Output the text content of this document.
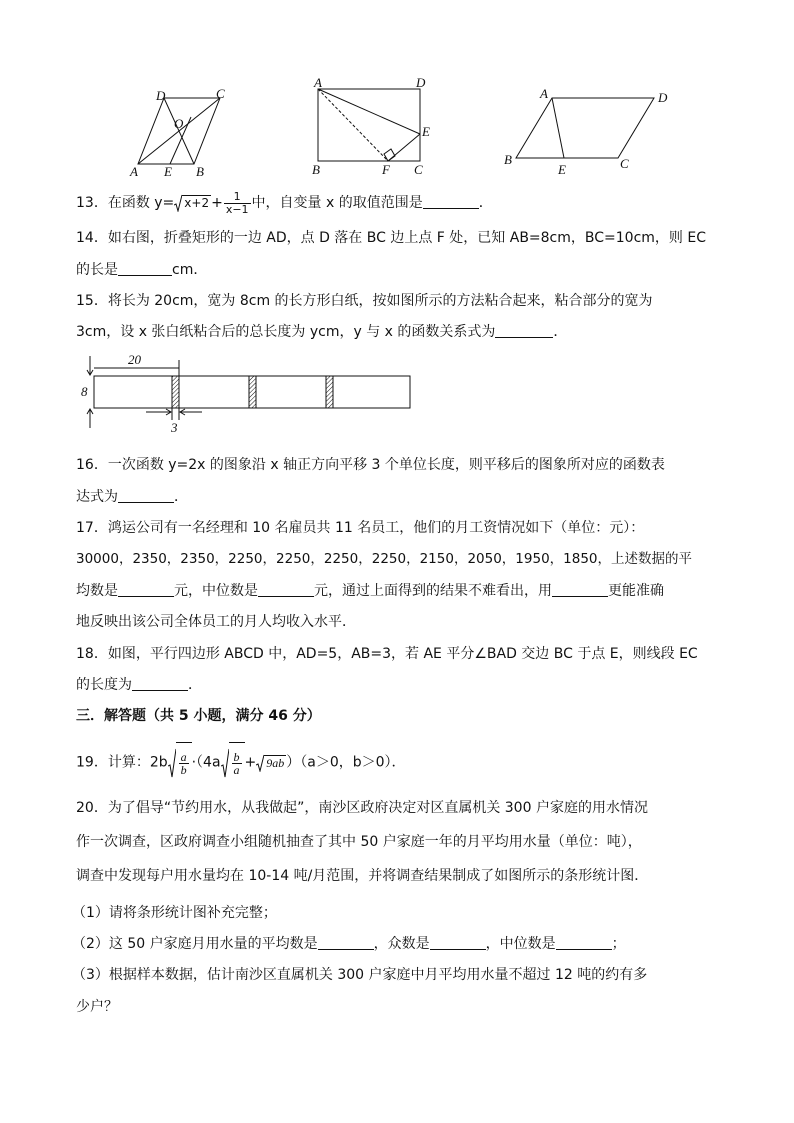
A E B
C
D
O
A	D
E
B	F C
A	D
B
E	C
13．在函数 $y= x+2 + \frac{1}{x-1}$ 中，自变量 x 的取值范围是	．
14．如右图，折叠矩形的一边 AD，点 D 落在 BC 边上点 F 处，已知 AB=8cm，BC=10cm，则 EC
的长是	cm．
15．将长为 20cm，宽为 8cm 的长方形白纸，按如图所示的方法粘合起来，粘合部分的宽为
3cm，设 x 张白纸粘合后的总长度为 ycm，y 与 x 的函数关系式为	．
20
8
3
16．一次函数 y=2x 的图象沿 x 轴正方向平移 3 个单位长度，则平移后的图象所对应的函数表
达式为	．
17．鸿运公司有一名经理和 10 名雇员共 11 名员工，他们的月工资情况如下（单位：元）：
30000，2350，2350，2250，2250，2250，2250，2150，2050，1950，1850，上述数据的平
均数是	元，中位数是	元，通过上面得到的结果不难看出，用	更能准确
地反映出该公司全体员工的月人均收入水平．
18．如图，平行四边形 ABCD 中，AD=5，AB=3，若 AE 平分∠BAD 交边 BC 于点 E，则线段 EC
的长度为	．
三．解答题（共 5 小题，满分 46 分）
19．计算：$2b \frac{a}{b} \cdot(4a \frac{b}{a} + 9ab$ ）（a＞0，b＞0）．
20．为了倡导“节约用水，从我做起”，南沙区政府决定对区直属机关 300 户家庭的用水情况
作一次调查，区政府调查小组随机抽查了其中 50 户家庭一年的月平均用水量（单位：吨），
调查中发现每户用水量均在 10-14 吨/月范围，并将调查结果制成了如图所示的条形统计图．
（1）请将条形统计图补充完整；
（2）这 50 户家庭月用水量的平均数是	，众数是	，中位数是	；
（3）根据样本数据，估计南沙区直属机关 300 户家庭中月平均用水量不超过 12 吨的约有多
少户？
